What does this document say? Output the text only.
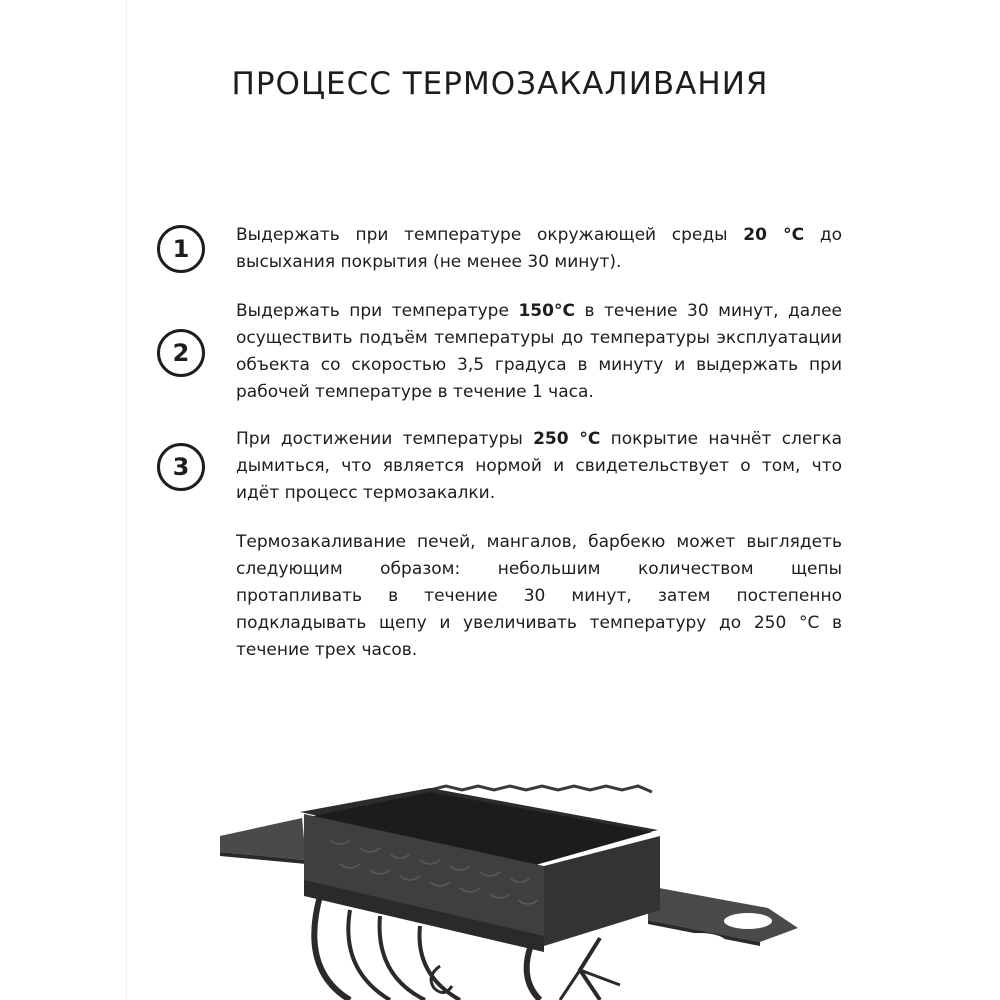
ПРОЦЕСС ТЕРМОЗАКАЛИВАНИЯ
1	Выдержать при температуре окружающей среды 20 °C до высыхания покрытия (не менее 30 минут).

2

Выдержать при температуре 150°C в течение 30 минут, далее осуществить подъём температуры до температуры эксплуатации объекта со скоростью 3,5 градуса в минуту и выдержать при рабочей температуре в течение 1 часа.

3

При достижении температуры 250 °C покрытие начнёт слегка дымиться, что является нормой и свидетельствует о том, что идёт процесс термозакалки.

Термозакаливание печей, мангалов, барбекю может выглядеть следующим образом: небольшим количеством щепы протапливать в течение 30 минут, затем постепенно подкладывать щепу и увеличивать температуру до 250 °C в течение трех часов.
